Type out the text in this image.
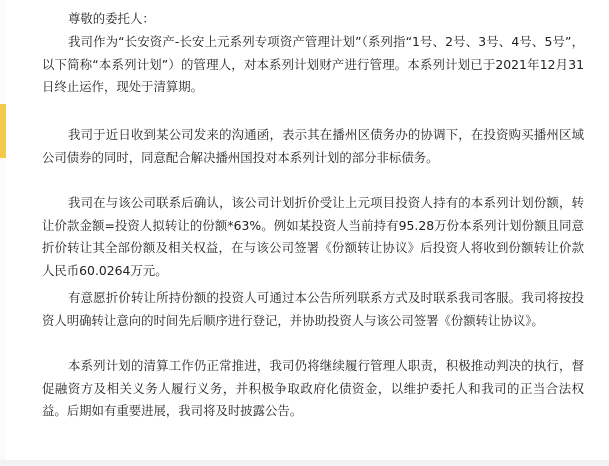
尊敬的委托人：

我司作为“长安资产-长安上元系列专项资产管理计划”（系列指“1号、2号、3号、4号、5号”，以下简称“本系列计划”）的管理人，对本系列计划财产进行管理。本系列计划已于2021年12月31日终止运作，现处于清算期。

我司于近日收到某公司发来的沟通函，表示其在播州区债务办的协调下，在投资购买播州区域公司债券的同时，同意配合解决播州国投对本系列计划的部分非标债务。

我司在与该公司联系后确认，该公司计划折价受让上元项目投资人持有的本系列计划份额，转让价款金额=投资人拟转让的份额*63%。例如某投资人当前持有95.28万份本系列计划份额且同意折价转让其全部份额及相关权益，在与该公司签署《份额转让协议》后投资人将收到份额转让价款人民币60.0264万元。

有意愿折价转让所持份额的投资人可通过本公告所列联系方式及时联系我司客服。我司将按投资人明确转让意向的时间先后顺序进行登记，并协助投资人与该公司签署《份额转让协议》。

本系列计划的清算工作仍正常推进，我司仍将继续履行管理人职责，积极推动判决的执行，督促融资方及相关义务人履行义务，并积极争取政府化债资金，以维护委托人和我司的正当合法权益。后期如有重要进展，我司将及时披露公告。
